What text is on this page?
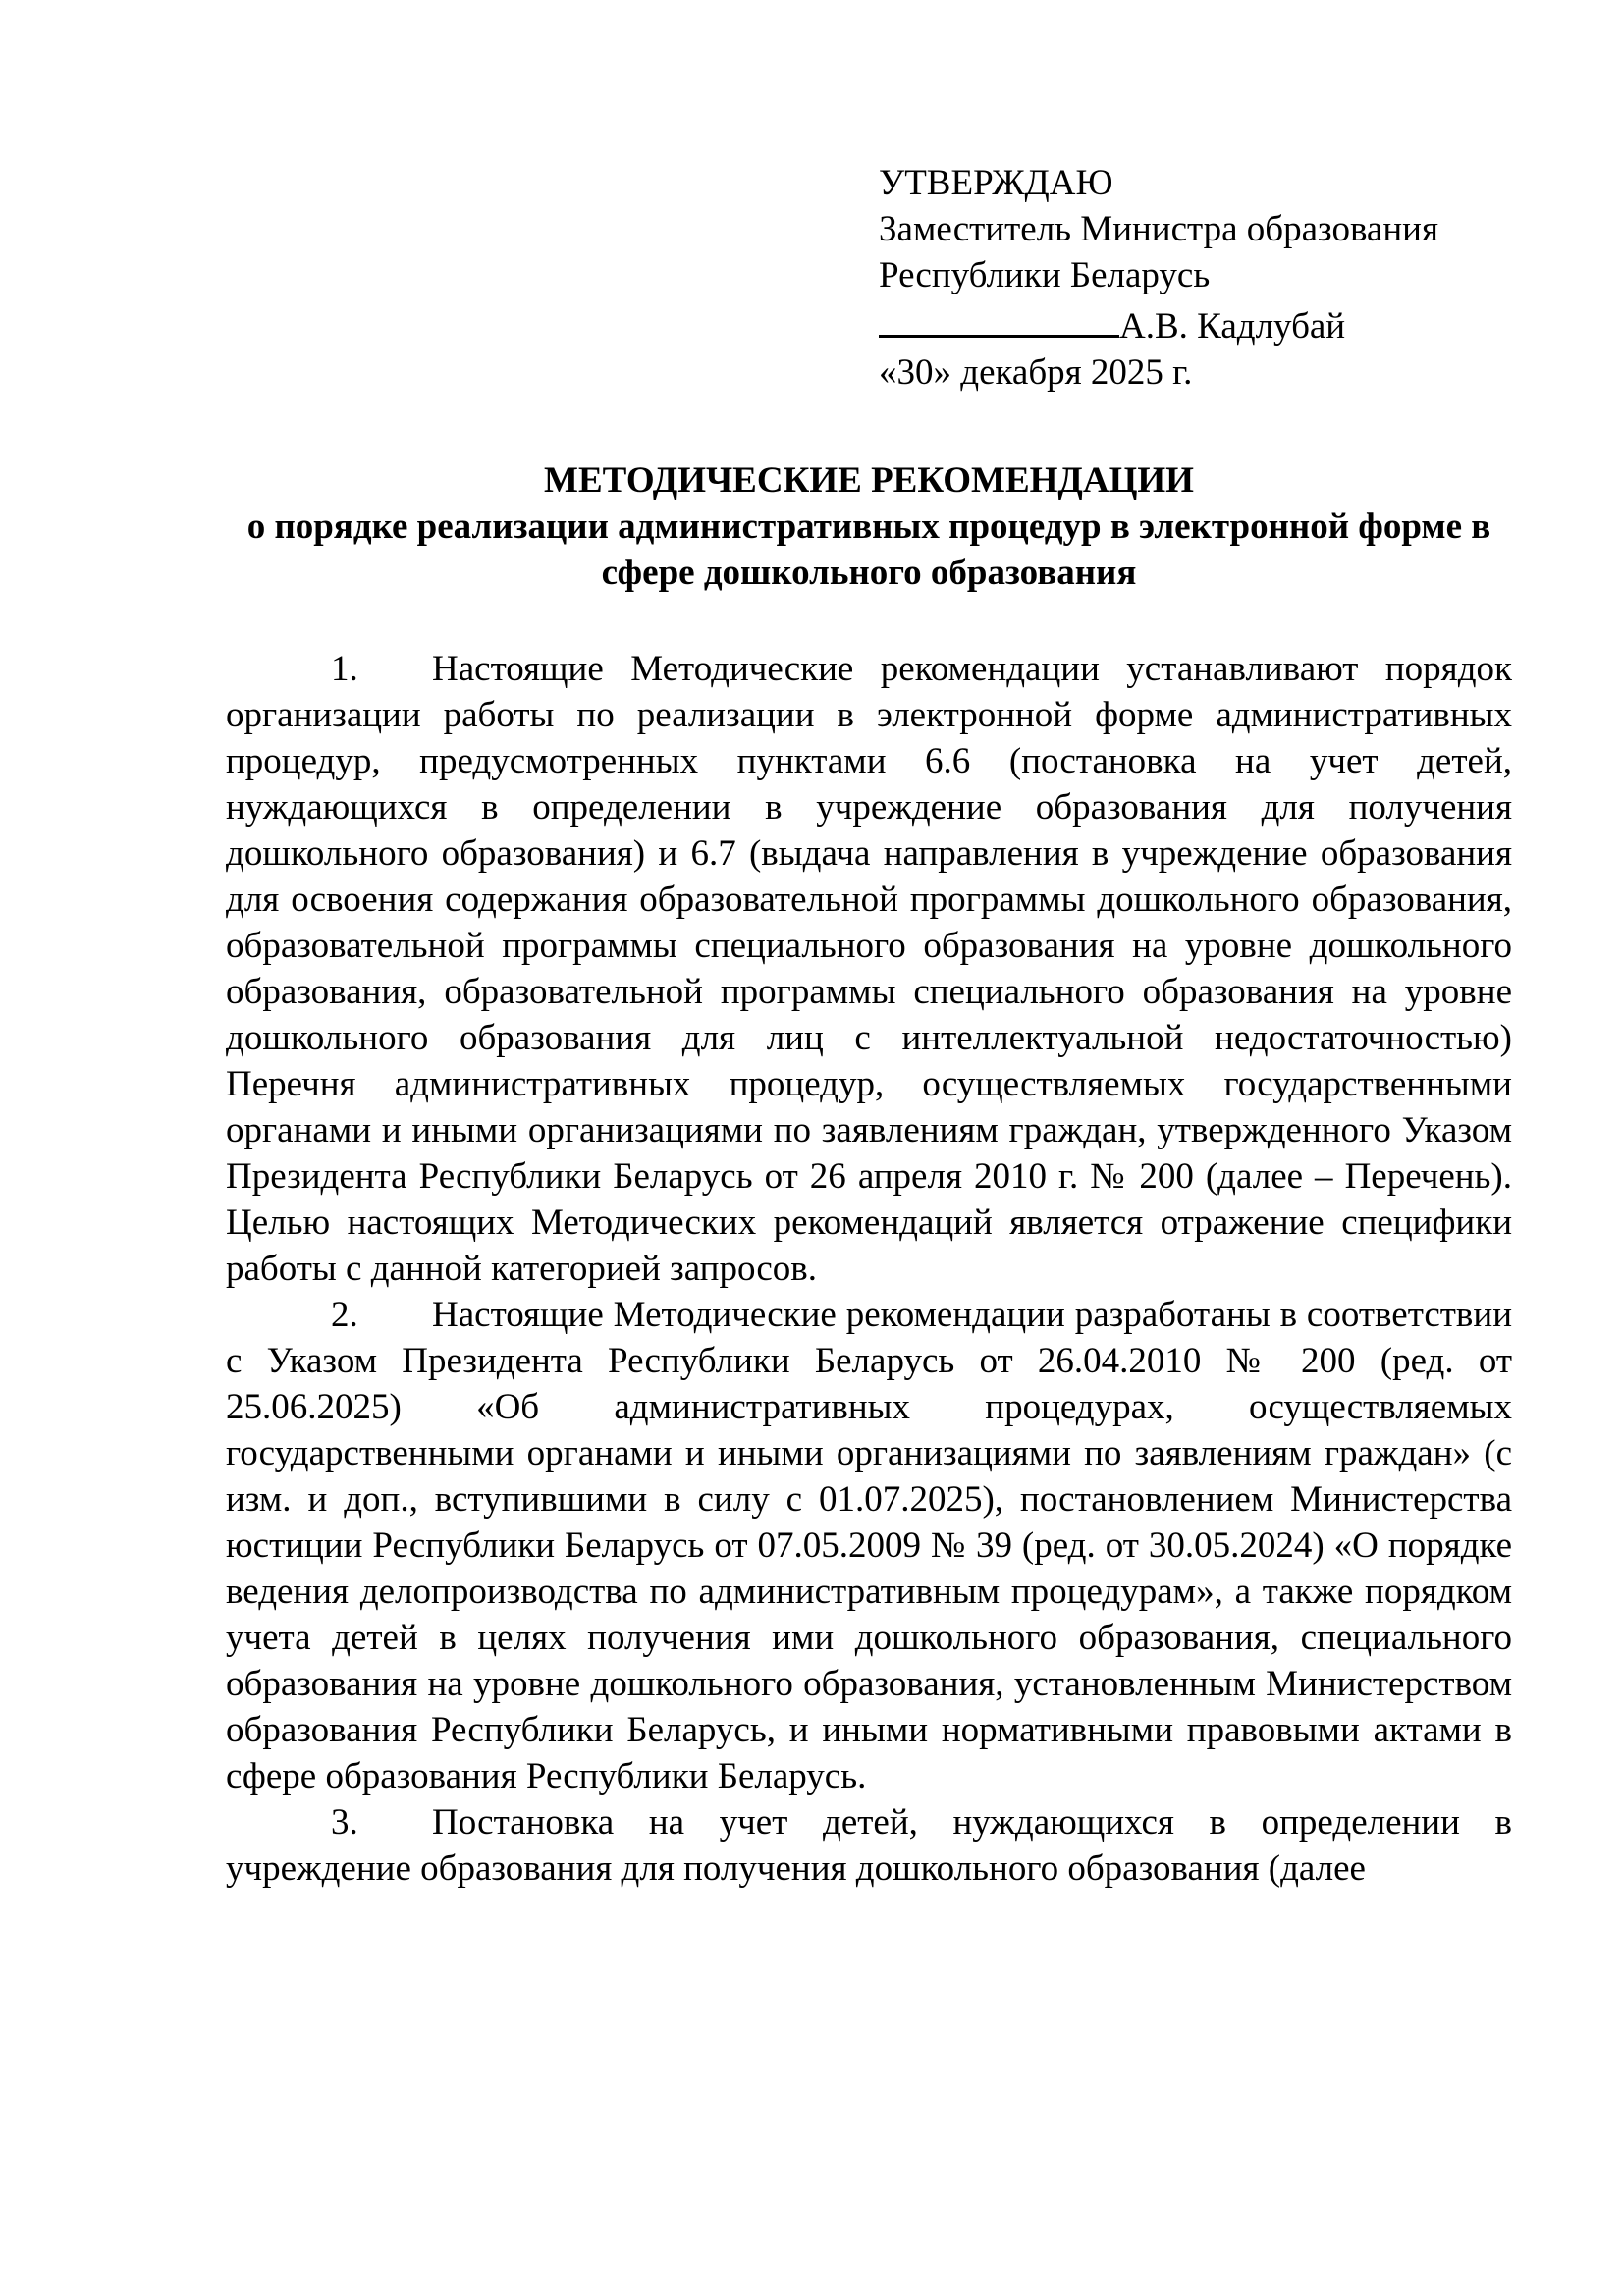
УТВЕРЖДАЮ
Заместитель Министра образования
Республики Беларусь
А.В. Кадлубай
«30» декабря 2025 г.
МЕТОДИЧЕСКИЕ РЕКОМЕНДАЦИИ
о порядке реализации административных процедур в электронной форме в сфере дошкольного образования

1. Настоящие Методические рекомендации устанавливают порядок организации работы по реализации в электронной форме административных процедур, предусмотренных пунктами 6.6 (постановка на учет детей, нуждающихся в определении в учреждение образования для получения дошкольного образования) и 6.7 (выдача направления в учреждение образования для освоения содержания образовательной программы дошкольного образования, образовательной программы специального образования на уровне дошкольного образования, образовательной программы специального образования на уровне дошкольного образования для лиц с интеллектуальной недостаточностью) Перечня административных процедур, осуществляемых государственными органами и иными организациями по заявлениям граждан, утвержденного Указом Президента Республики Беларусь от 26 апреля 2010 г. № 200 (далее – Перечень). Целью настоящих Методических рекомендаций является отражение специфики работы с данной категорией запросов.

2. Настоящие Методические рекомендации разработаны в соответствии с Указом Президента Республики Беларусь от 26.04.2010 № 200 (ред. от 25.06.2025) «Об административных процедурах, осуществляемых государственными органами и иными организациями по заявлениям граждан» (с изм. и доп., вступившими в силу с 01.07.2025), постановлением Министерства юстиции Республики Беларусь от 07.05.2009 № 39 (ред. от 30.05.2024) «О порядке ведения делопроизводства по административным процедурам», а также порядком учета детей в целях получения ими дошкольного образования, специального образования на уровне дошкольного образования, установленным Министерством образования Республики Беларусь, и иными нормативными правовыми актами в сфере образования Республики Беларусь.

3. Постановка на учет детей, нуждающихся в определении в учреждение образования для получения дошкольного образования (далее
